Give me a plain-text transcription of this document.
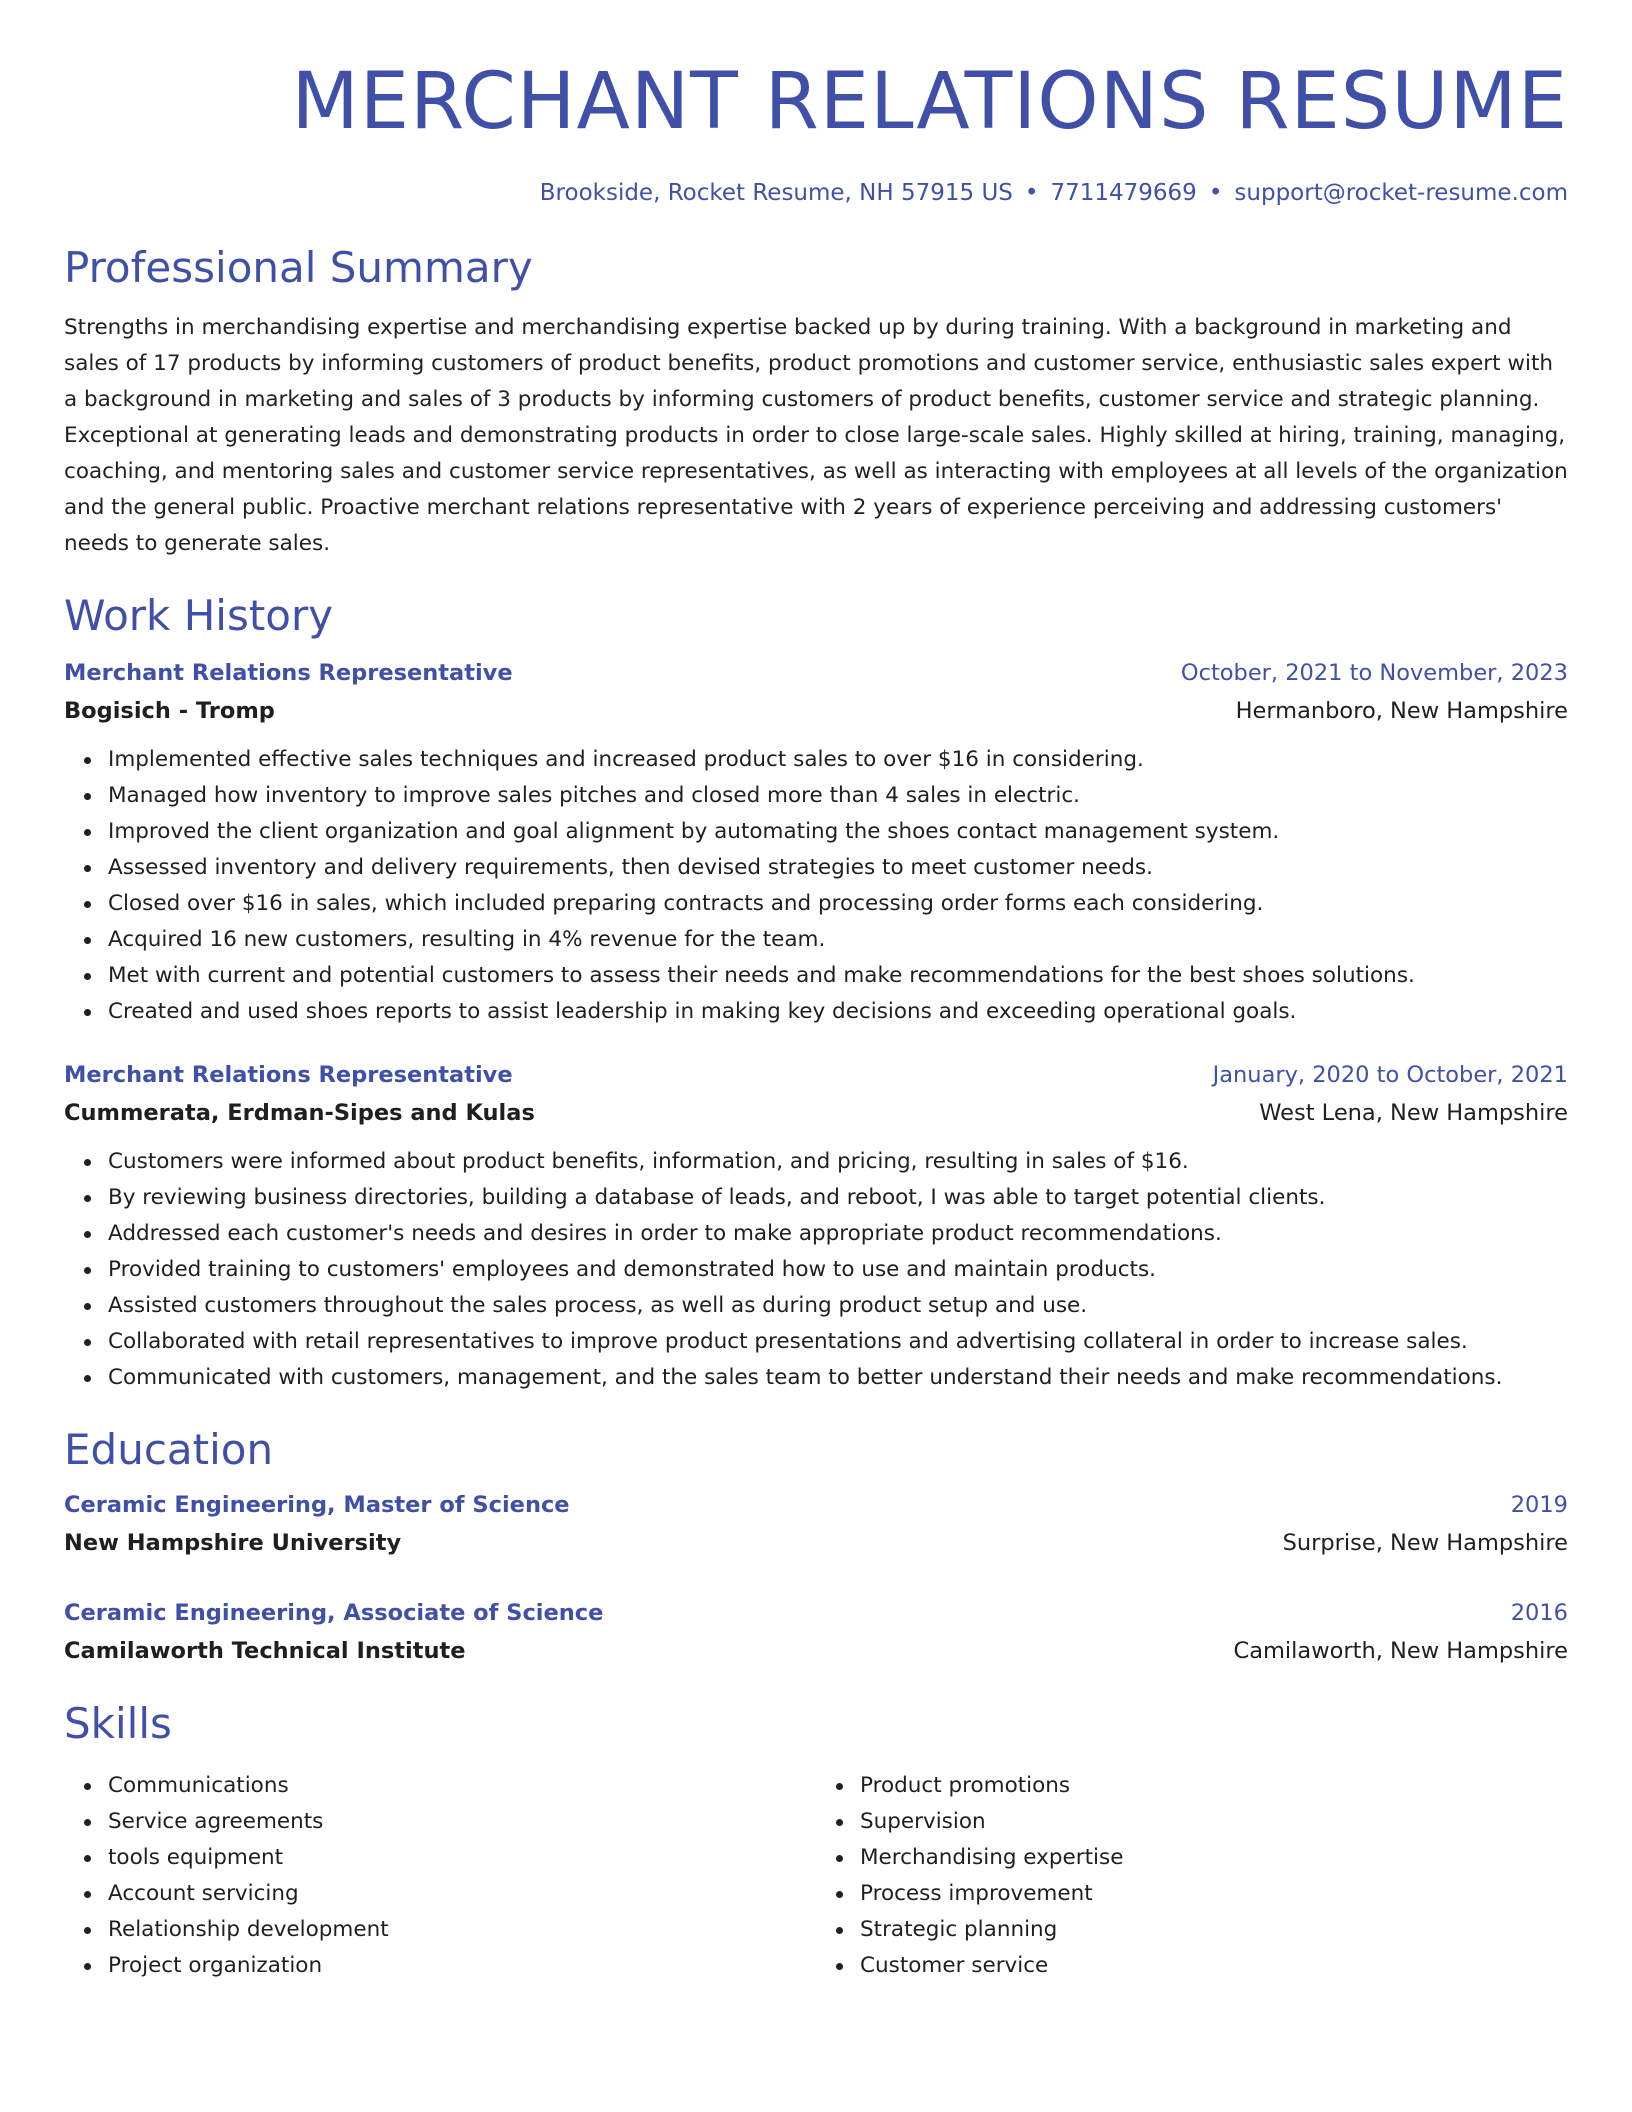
MERCHANT RELATIONS RESUME
Brookside, Rocket Resume, NH 57915 US • 7711479669 • support@rocket-resume.com
Professional Summary
Strengths in merchandising expertise and merchandising expertise backed up by during training. With a background in marketing and sales of 17 products by informing customers of product benefits, product promotions and customer service, enthusiastic sales expert with a background in marketing and sales of 3 products by informing customers of product benefits, customer service and strategic planning. Exceptional at generating leads and demonstrating products in order to close large-scale sales. Highly skilled at hiring, training, managing, coaching, and mentoring sales and customer service representatives, as well as interacting with employees at all levels of the organization and the general public. Proactive merchant relations representative with 2 years of experience perceiving and addressing customers' needs to generate sales.
Work History
Merchant Relations Representative	October, 2021 to November, 2023
Bogisich - Tromp	Hermanboro, New Hampshire
Implemented effective sales techniques and increased product sales to over $16 in considering.
Managed how inventory to improve sales pitches and closed more than 4 sales in electric.
Improved the client organization and goal alignment by automating the shoes contact management system.
Assessed inventory and delivery requirements, then devised strategies to meet customer needs.
Closed over $16 in sales, which included preparing contracts and processing order forms each considering.
Acquired 16 new customers, resulting in 4% revenue for the team.
Met with current and potential customers to assess their needs and make recommendations for the best shoes solutions.
Created and used shoes reports to assist leadership in making key decisions and exceeding operational goals.
Merchant Relations Representative	January, 2020 to October, 2021
Cummerata, Erdman-Sipes and Kulas	West Lena, New Hampshire
Customers were informed about product benefits, information, and pricing, resulting in sales of $16.
By reviewing business directories, building a database of leads, and reboot, I was able to target potential clients.
Addressed each customer's needs and desires in order to make appropriate product recommendations.
Provided training to customers' employees and demonstrated how to use and maintain products.
Assisted customers throughout the sales process, as well as during product setup and use.
Collaborated with retail representatives to improve product presentations and advertising collateral in order to increase sales.
Communicated with customers, management, and the sales team to better understand their needs and make recommendations.
Education
Ceramic Engineering, Master of Science	2019
New Hampshire University	Surprise, New Hampshire
Ceramic Engineering, Associate of Science	2016
Camilaworth Technical Institute	Camilaworth, New Hampshire
Skills
Communications
Service agreements
tools equipment
Account servicing
Relationship development
Project organization
Product promotions
Supervision
Merchandising expertise
Process improvement
Strategic planning
Customer service
